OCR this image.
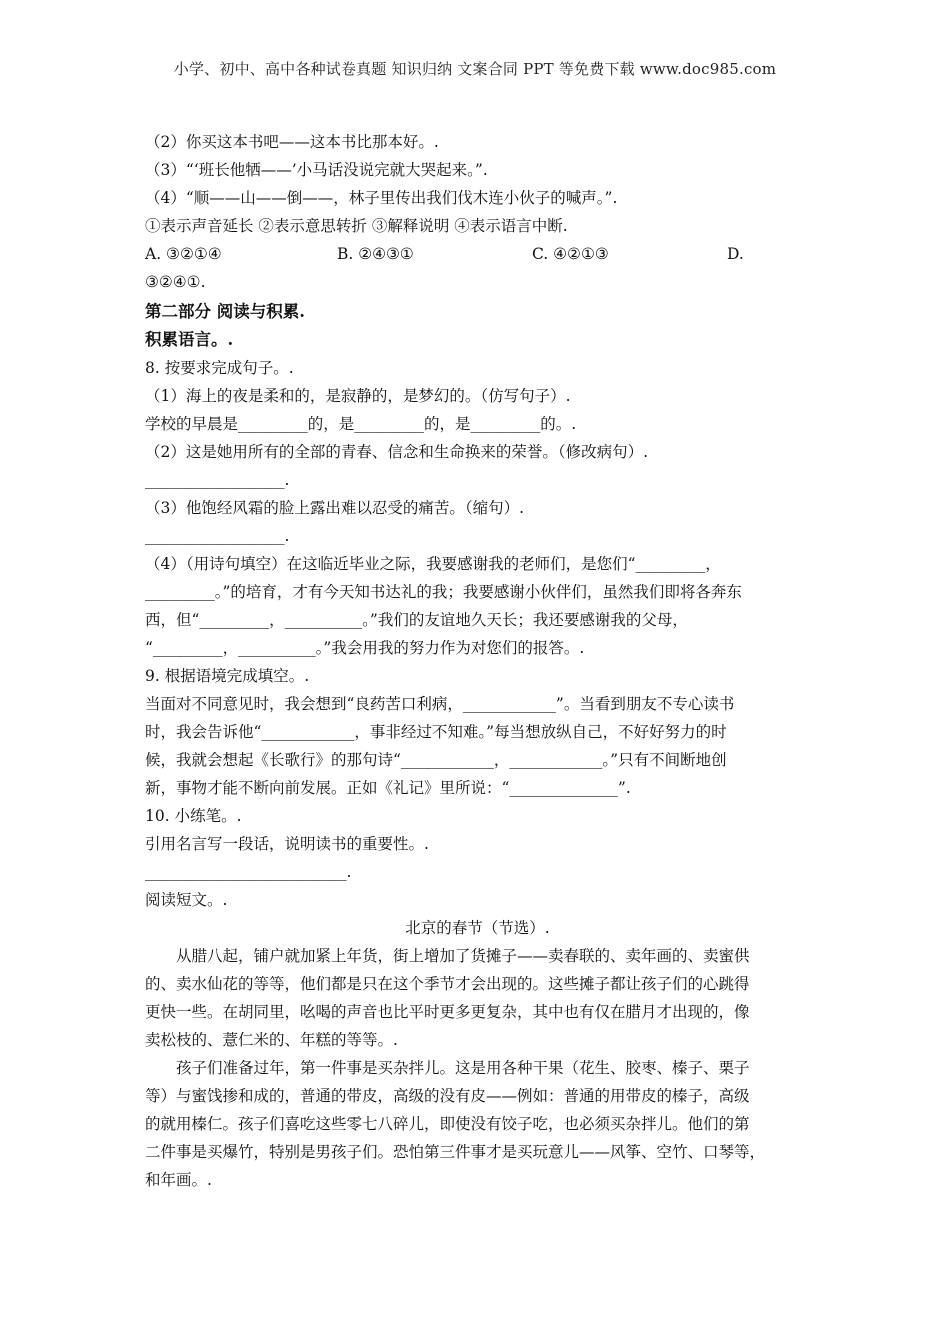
小学、初中、高中各种试卷真题 知识归纳 文案合同 PPT 等免费下载 www.doc985.com
（2）你买这本书吧——这本书比那本好。.
（3）“‘班长他牺——’小马话没说完就大哭起来。”.
（4）“顺——山——倒——，林子里传出我们伐木连小伙子的喊声。”.
①表示声音延长 ②表示意思转折 ③解释说明 ④表示语言中断.
A. ③②①④	B. ②④③①	C. ④②①③	D.
③②④①.
第二部分 阅读与积累.
积累语言。.
8. 按要求完成句子。.
（1）海上的夜是柔和的，是寂静的，是梦幻的。（仿写句子）.
学校的早晨是_________的，是_________的，是_________的。.
（2）这是她用所有的全部的青春、信念和生命换来的荣誉。（修改病句）.
__________________.
（3）他饱经风霜的脸上露出难以忍受的痛苦。（缩句）.
__________________.
（4）（用诗句填空）在这临近毕业之际，我要感谢我的老师们，是您们“_________，
_________。”的培育，才有今天知书达礼的我；我要感谢小伙伴们，虽然我们即将各奔东
西，但“_________，__________。”我们的友谊地久天长；我还要感谢我的父母，
“_________，__________。”我会用我的努力作为对您们的报答。.
9. 根据语境完成填空。.
当面对不同意见时，我会想到“良药苦口利病，____________”。当看到朋友不专心读书
时，我会告诉他“____________，事非经过不知难。”每当想放纵自己，不好好努力的时
候，我就会想起《长歌行》的那句诗“____________，____________。”只有不间断地创
新，事物才能不断向前发展。正如《礼记》里所说：“______________”.
10. 小练笔。.
引用名言写一段话，说明读书的重要性。.
__________________________.
阅读短文。.
北京的春节（节选）.
从腊八起，铺户就加紧上年货，街上增加了货摊子——卖春联的、卖年画的、卖蜜供
的、卖水仙花的等等，他们都是只在这个季节才会出现的。这些摊子都让孩子们的心跳得
更快一些。在胡同里，吆喝的声音也比平时更多更复杂，其中也有仅在腊月才出现的，像
卖松枝的、薏仁米的、年糕的等等。.
孩子们准备过年，第一件事是买杂拌儿。这是用各种干果（花生、胶枣、榛子、栗子
等）与蜜饯掺和成的，普通的带皮，高级的没有皮——例如：普通的用带皮的榛子，高级
的就用榛仁。孩子们喜吃这些零七八碎儿，即使没有饺子吃，也必须买杂拌儿。他们的第
二件事是买爆竹，特别是男孩子们。恐怕第三件事才是买玩意儿——风筝、空竹、口琴等，
和年画。.
